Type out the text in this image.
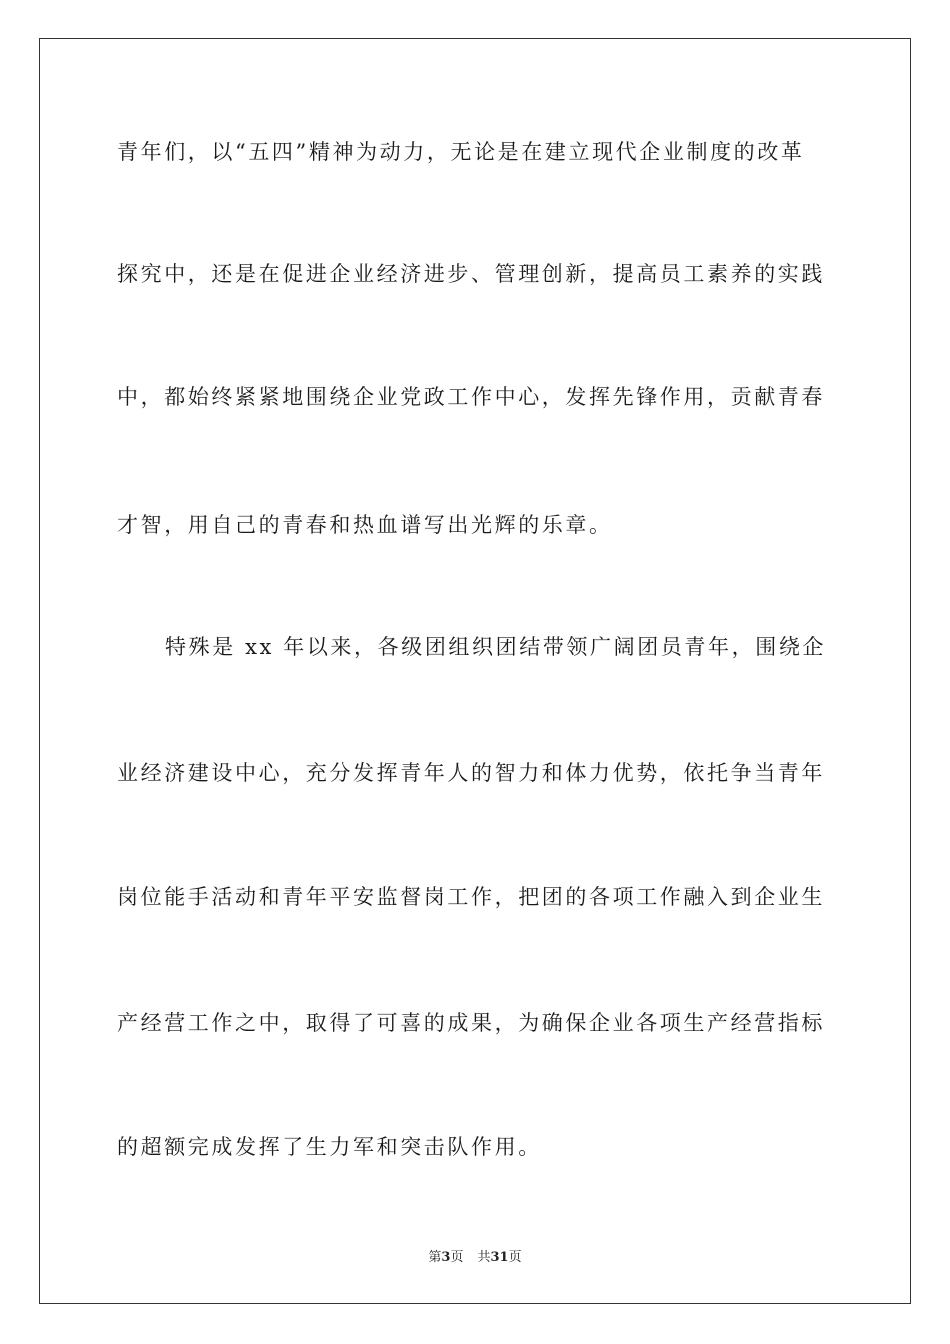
青年们，以“五四”精神为动力，无论是在建立现代企业制度的改革
探究中，还是在促进企业经济进步、管理创新，提高员工素养的实践
中，都始终紧紧地围绕企业党政工作中心，发挥先锋作用，贡献青春
才智，用自己的青春和热血谱写出光辉的乐章。
特殊是 xx 年以来，各级团组织团结带领广阔团员青年，围绕企
业经济建设中心，充分发挥青年人的智力和体力优势，依托争当青年
岗位能手活动和青年平安监督岗工作，把团的各项工作融入到企业生
产经营工作之中，取得了可喜的成果，为确保企业各项生产经营指标
的超额完成发挥了生力军和突击队作用。
第3页 共31页
